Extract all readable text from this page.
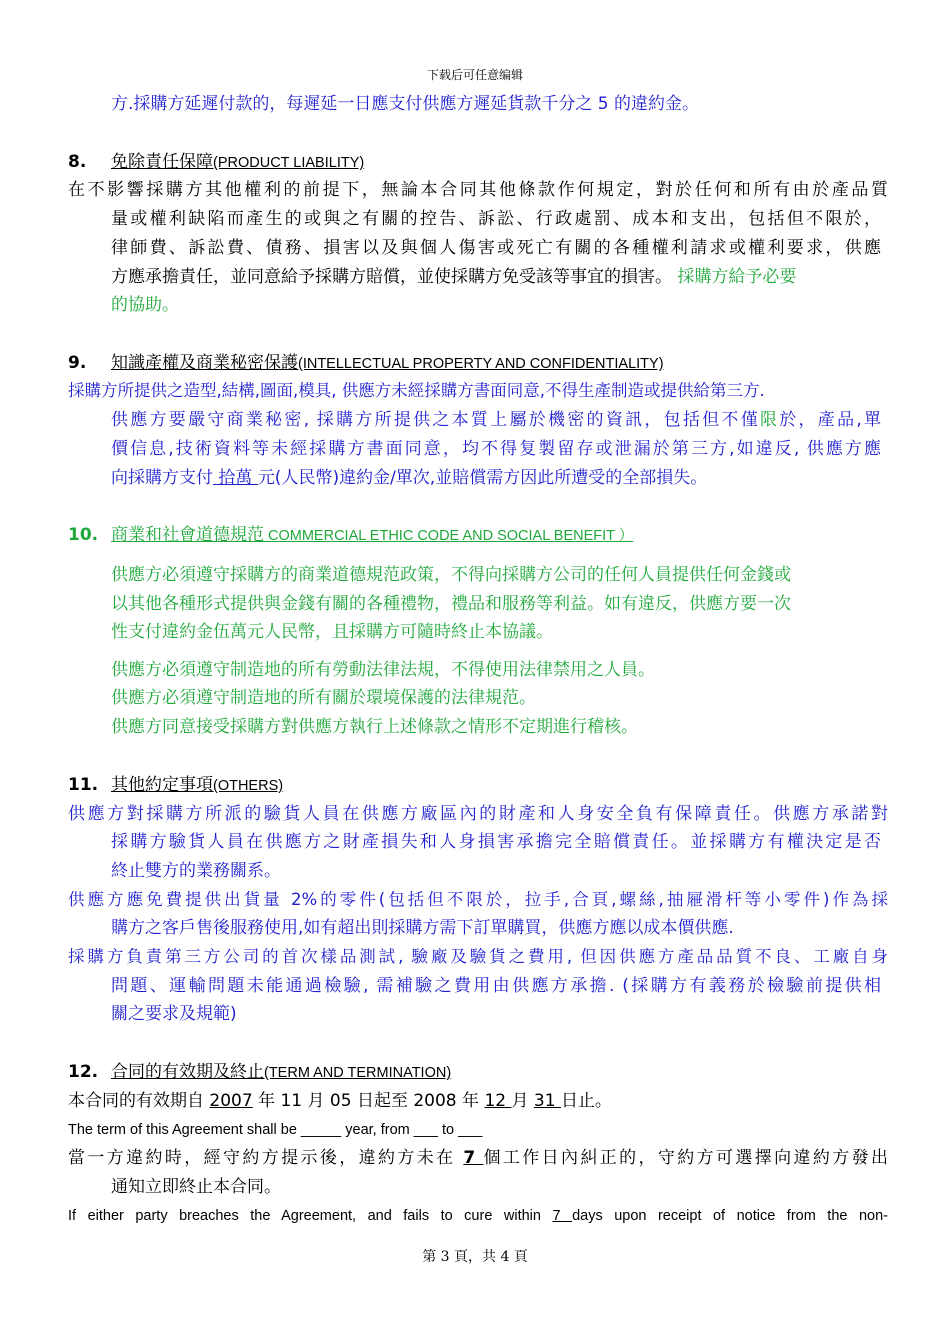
下载后可任意编辑
方.採購方延遲付款的，每遲延一日應支付供應方遲延貨款千分之 5 的違約金。
8. 免除責任保障(PRODUCT LIABILITY)
在不影響採購方其他權利的前提下，無論本合同其他條款作何規定，對於任何和所有由於產品質
量或權利缺陷而產生的或與之有關的控告、訴訟、行政處罰、成本和支出，包括但不限於，
律師費、訴訟費、債務、損害以及與個人傷害或死亡有關的各種權利請求或權利要求，供應
方應承擔責任，並同意給予採購方賠償，並使採購方免受該等事宜的損害。 採購方給予必要
的協助。
9. 知識產權及商業秘密保護(INTELLECTUAL PROPERTY AND CONFIDENTIALITY)
採購方所提供之造型,結構,圖面,模具, 供應方未經採購方書面同意,不得生產制造或提供給第三方.
供應方要嚴守商業秘密, 採購方所提供之本質上屬於機密的資訊，包括但不僅限於，產品,單
價信息,技術資料等未經採購方書面同意，均不得复製留存或泄漏於第三方,如違反, 供應方應
向採購方支付 拾萬 元(人民幣)違約金/單次,並賠償需方因此所遭受的全部損失。
10. 商業和社會道德規范 COMMERCIAL ETHIC CODE AND SOCIAL BENEFIT ）
供應方必須遵守採購方的商業道德規范政策，不得向採購方公司的任何人員提供任何金錢或
以其他各種形式提供與金錢有關的各種禮物，禮品和服務等利益。如有違反，供應方要一次
性支付違約金伍萬元人民幣，且採購方可隨時終止本協議。
供應方必須遵守制造地的所有勞動法律法規，不得使用法律禁用之人員。
供應方必須遵守制造地的所有關於環境保護的法律規范。
供應方同意接受採購方對供應方執行上述條款之情形不定期進行稽核。
11. 其他約定事項(OTHERS)
供應方對採購方所派的驗貨人員在供應方廠區內的財產和人身安全負有保障責任。供應方承諾對
採購方驗貨人員在供應方之財產損失和人身損害承擔完全賠償責任。並採購方有權決定是否
終止雙方的業務關系。
供應方應免費提供出貨量 2%的零件(包括但不限於，拉手,合頁,螺絲,抽屜滑杆等小零件)作為採
購方之客戶售後服務使用,如有超出則採購方需下訂單購買，供應方應以成本價供應.
採購方負責第三方公司的首次樣品測試, 驗廠及驗貨之費用, 但因供應方產品品質不良、工廠自身
問題、運輸問題未能通過檢驗, 需補驗之費用由供應方承擔. (採購方有義務於檢驗前提供相
關之要求及規範)
12. 合同的有效期及終止(TERM AND TERMINATION)
本合同的有效期自 2007 年 11 月 05 日起至 2008 年 12 月 31 日止。
The term of this Agreement shall be _____ year, from ___ to ___
當一方違約時，經守約方提示後，違約方未在 7 個工作日內糾正的，守約方可選擇向違約方發出
通知立即終止本合同。
If either party breaches the Agreement, and fails to cure within 7 days upon receipt of notice from the non-
第 3 頁，共 4 頁
